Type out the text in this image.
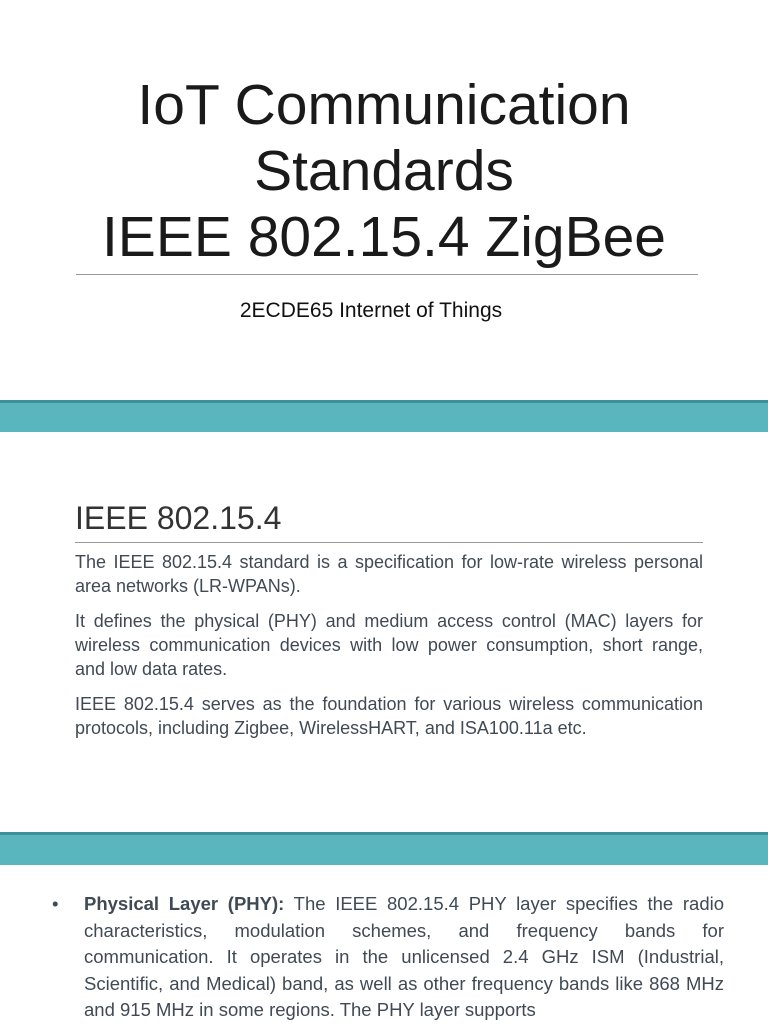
IoT Communication
Standards
IEEE 802.15.4 ZigBee
2ECDE65 Internet of Things
IEEE 802.15.4

The IEEE 802.15.4 standard is a specification for low-rate wireless personal area networks (LR-WPANs).

It defines the physical (PHY) and medium access control (MAC) layers for wireless communication devices with low power consumption, short range, and low data rates.

IEEE 802.15.4 serves as the foundation for various wireless communication protocols, including Zigbee, WirelessHART, and ISA100.11a etc.

•	Physical Layer (PHY): The IEEE 802.15.4 PHY layer specifies the radio characteristics, modulation schemes, and frequency bands for communication. It operates in the unlicensed 2.4 GHz ISM (Industrial, Scientific, and Medical) band, as well as other frequency bands like 868 MHz and 915 MHz in some regions. The PHY layer supports
